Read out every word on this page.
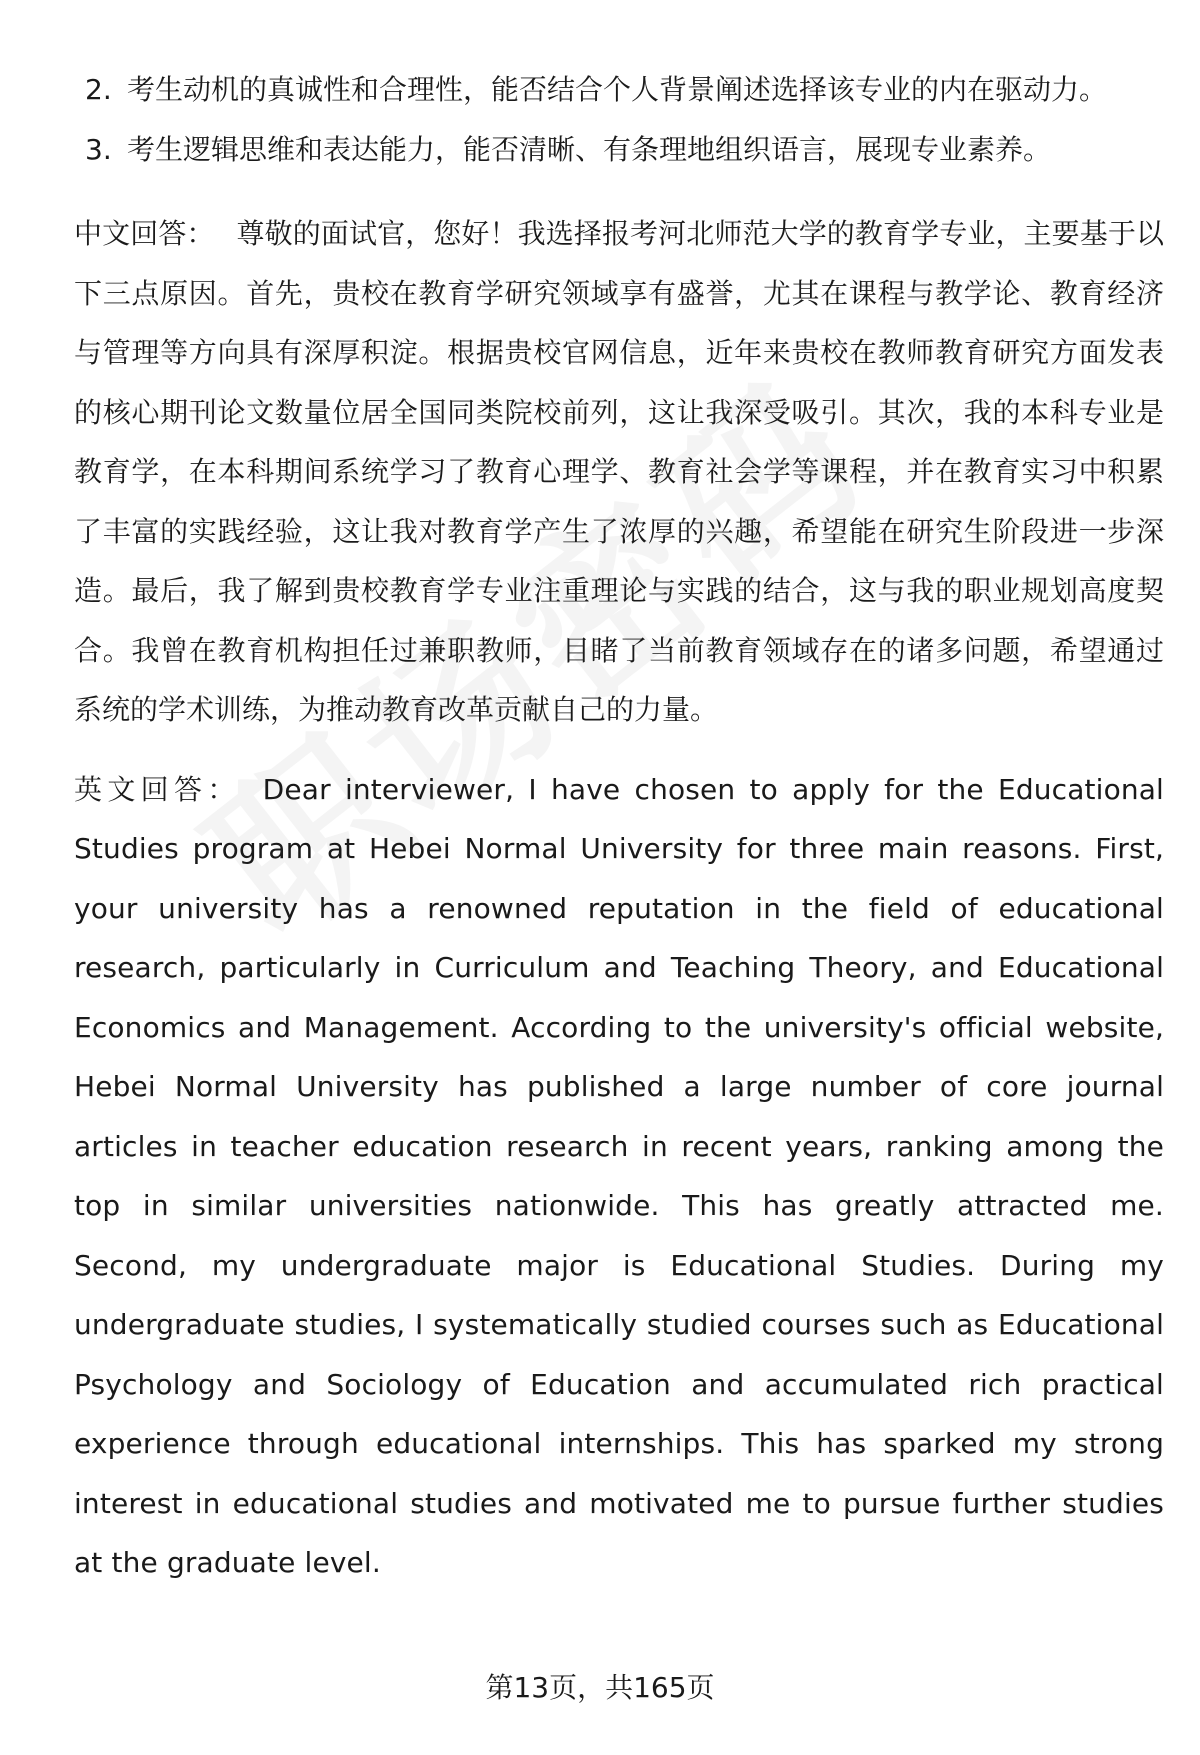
2. 考生动机的真诚性和合理性，能否结合个人背景阐述选择该专业的内在驱动力。
3. 考生逻辑思维和表达能力，能否清晰、有条理地组织语言，展现专业素养。

中文回答： 尊敬的面试官，您好！我选择报考河北师范大学的教育学专业，主要基于以下三点原因。首先，贵校在教育学研究领域享有盛誉，尤其在课程与教学论、教育经济与管理等方向具有深厚积淀。根据贵校官网信息，近年来贵校在教师教育研究方面发表的核心期刊论文数量位居全国同类院校前列，这让我深受吸引。其次，我的本科专业是教育学，在本科期间系统学习了教育心理学、教育社会学等课程，并在教育实习中积累了丰富的实践经验，这让我对教育学产生了浓厚的兴趣，希望能在研究生阶段进一步深造。最后，我了解到贵校教育学专业注重理论与实践的结合，这与我的职业规划高度契合。我曾在教育机构担任过兼职教师，目睹了当前教育领域存在的诸多问题，希望通过系统的学术训练，为推动教育改革贡献自己的力量。

英文回答： Dear interviewer, I have chosen to apply for the Educational Studies program at Hebei Normal University for three main reasons. First, your university has a renowned reputation in the field of educational research, particularly in Curriculum and Teaching Theory, and Educational Economics and Management. According to the university's official website, Hebei Normal University has published a large number of core journal articles in teacher education research in recent years, ranking among the top in similar universities nationwide. This has greatly attracted me. Second, my undergraduate major is Educational Studies. During my undergraduate studies, I systematically studied courses such as Educational Psychology and Sociology of Education and accumulated rich practical experience through educational internships. This has sparked my strong interest in educational studies and motivated me to pursue further studies at the graduate level.

第13页，共165页
